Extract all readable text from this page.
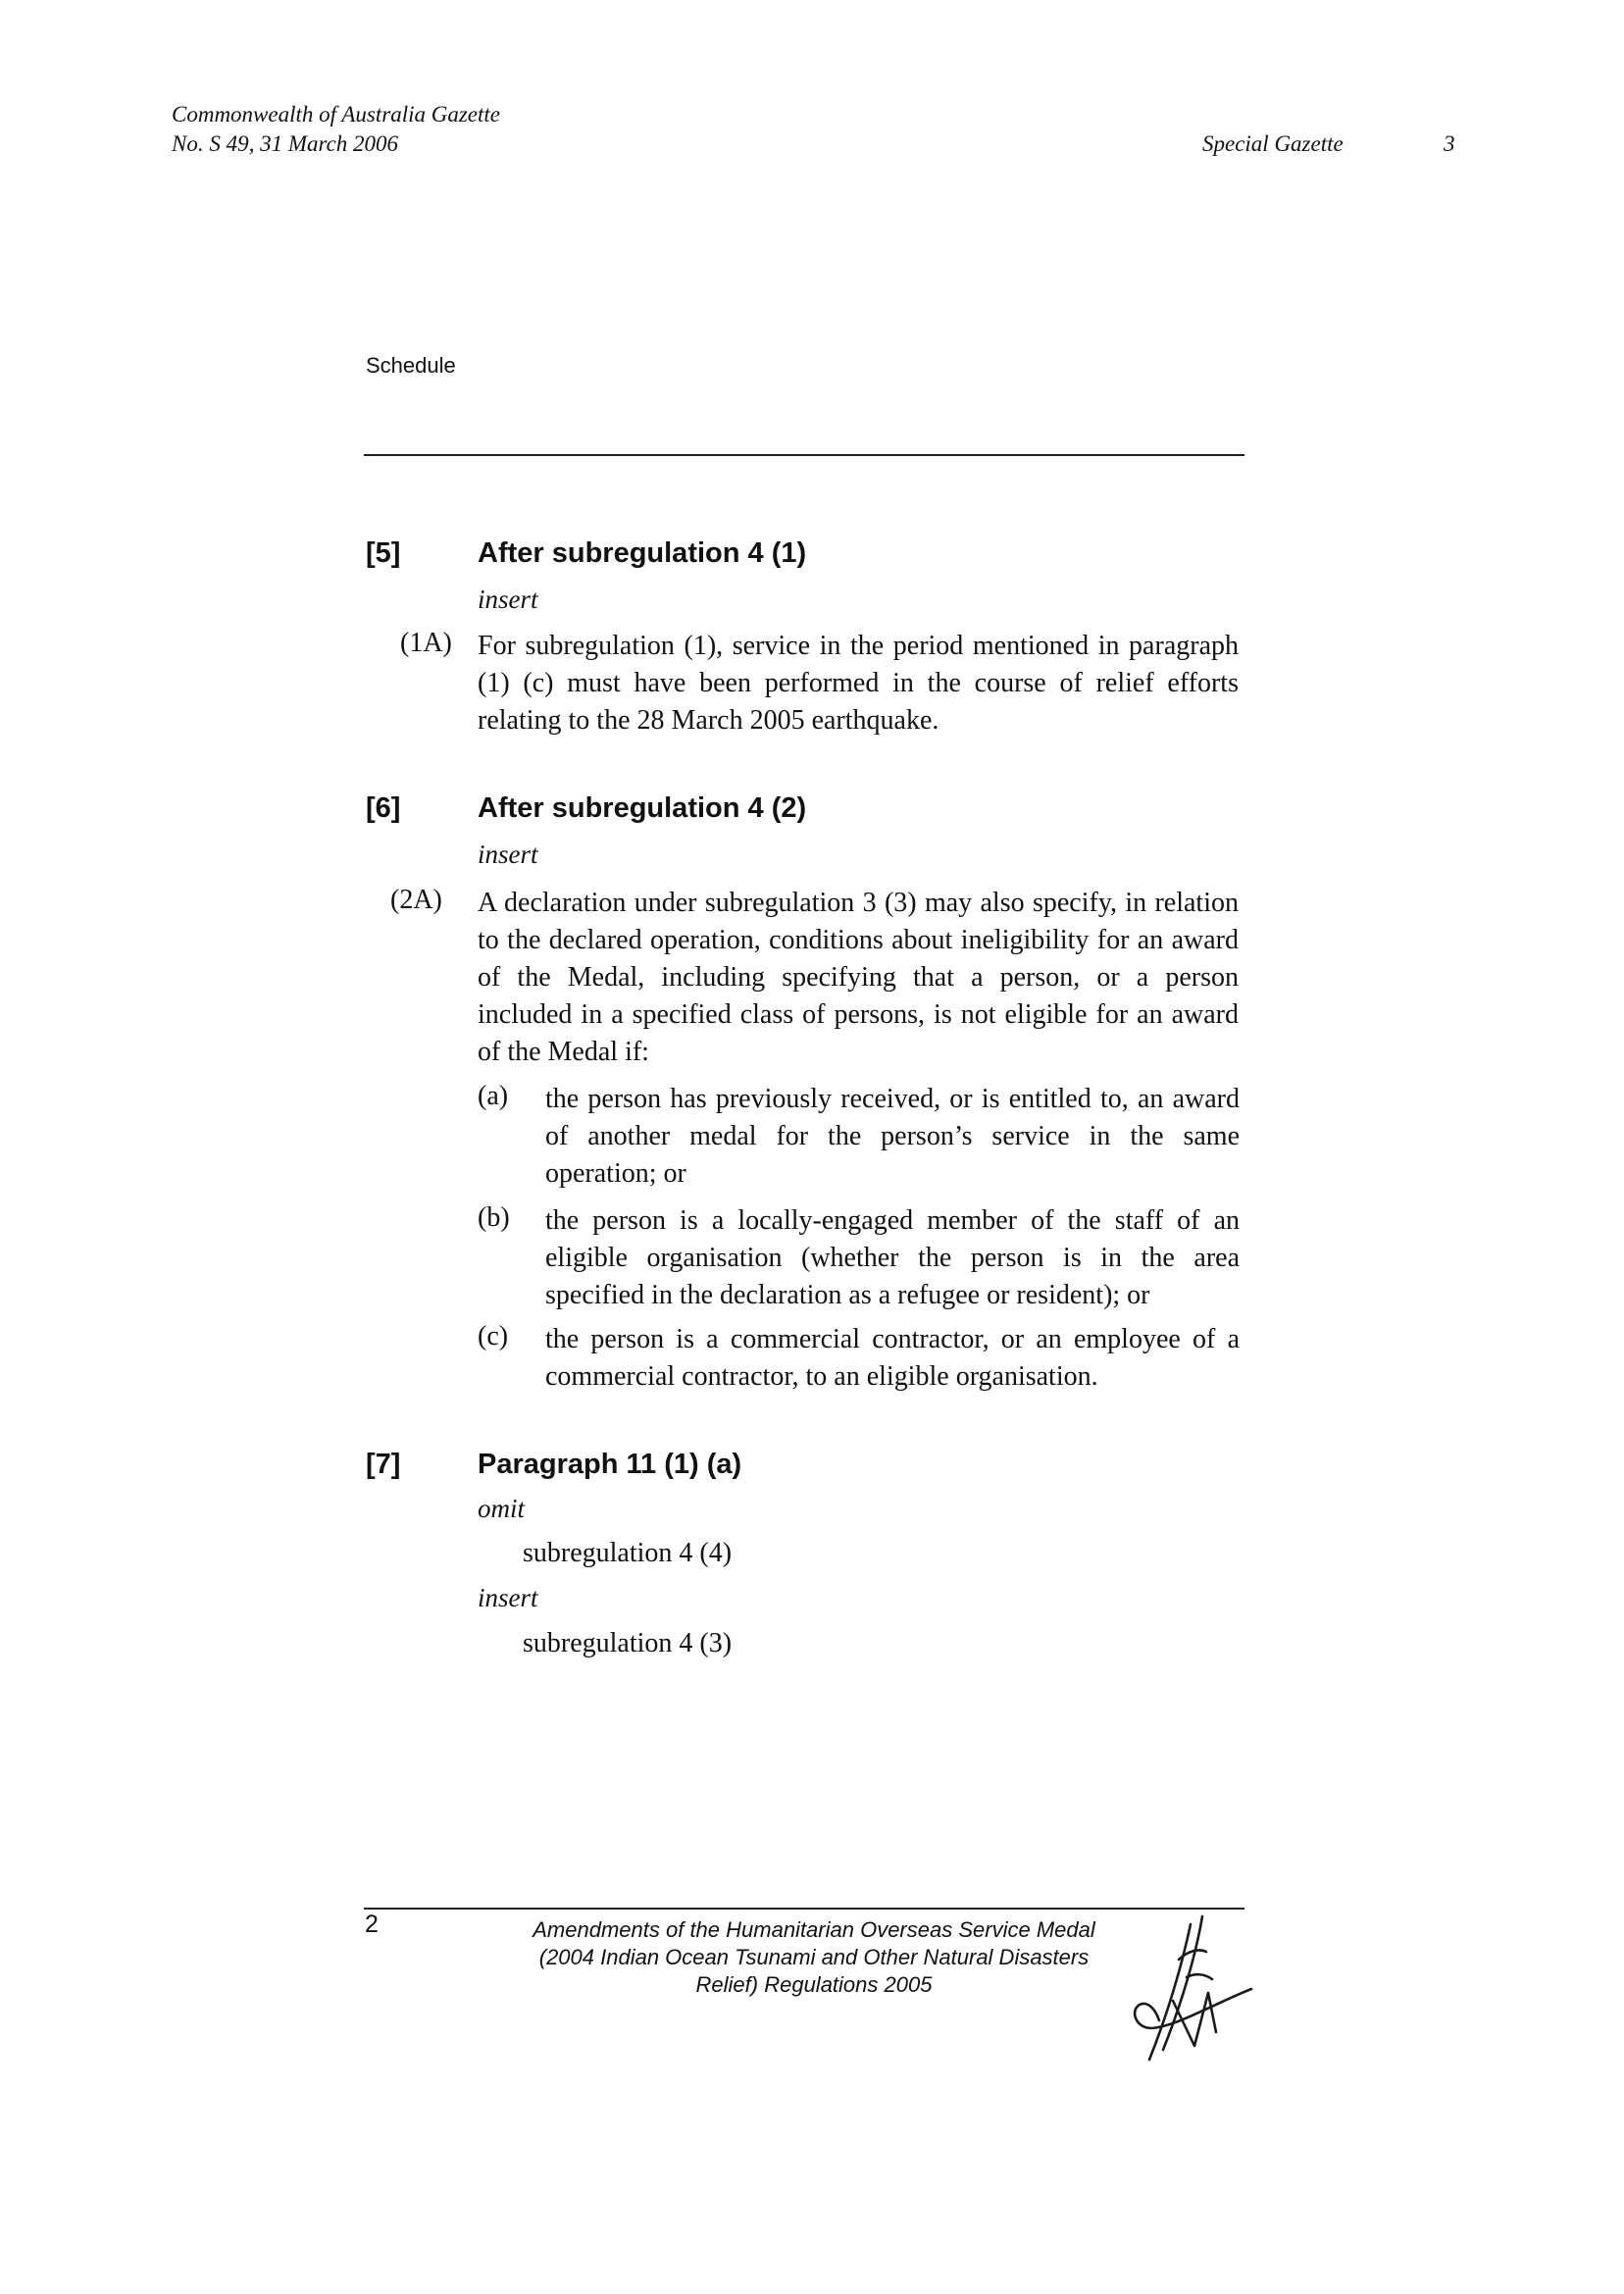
Commonwealth of Australia Gazette
No. S 49, 31 March 2006	Special Gazette	3
Schedule
[5]	After subregulation 4 (1)
insert
(1A) For subregulation (1), service in the period mentioned in paragraph (1) (c) must have been performed in the course of relief efforts relating to the 28 March 2005 earthquake.
[6]	After subregulation 4 (2)
insert
(2A) A declaration under subregulation 3 (3) may also specify, in relation to the declared operation, conditions about ineligibility for an award of the Medal, including specifying that a person, or a person included in a specified class of persons, is not eligible for an award of the Medal if:
(a) the person has previously received, or is entitled to, an award of another medal for the person’s service in the same operation; or
(b) the person is a locally-engaged member of the staff of an eligible organisation (whether the person is in the area specified in the declaration as a refugee or resident); or
(c) the person is a commercial contractor, or an employee of a commercial contractor, to an eligible organisation.
[7]	Paragraph 11 (1) (a)
omit
subregulation 4 (4)
insert
subregulation 4 (3)
2	Amendments of the Humanitarian Overseas Service Medal
(2004 Indian Ocean Tsunami and Other Natural Disasters
Relief) Regulations 2005
